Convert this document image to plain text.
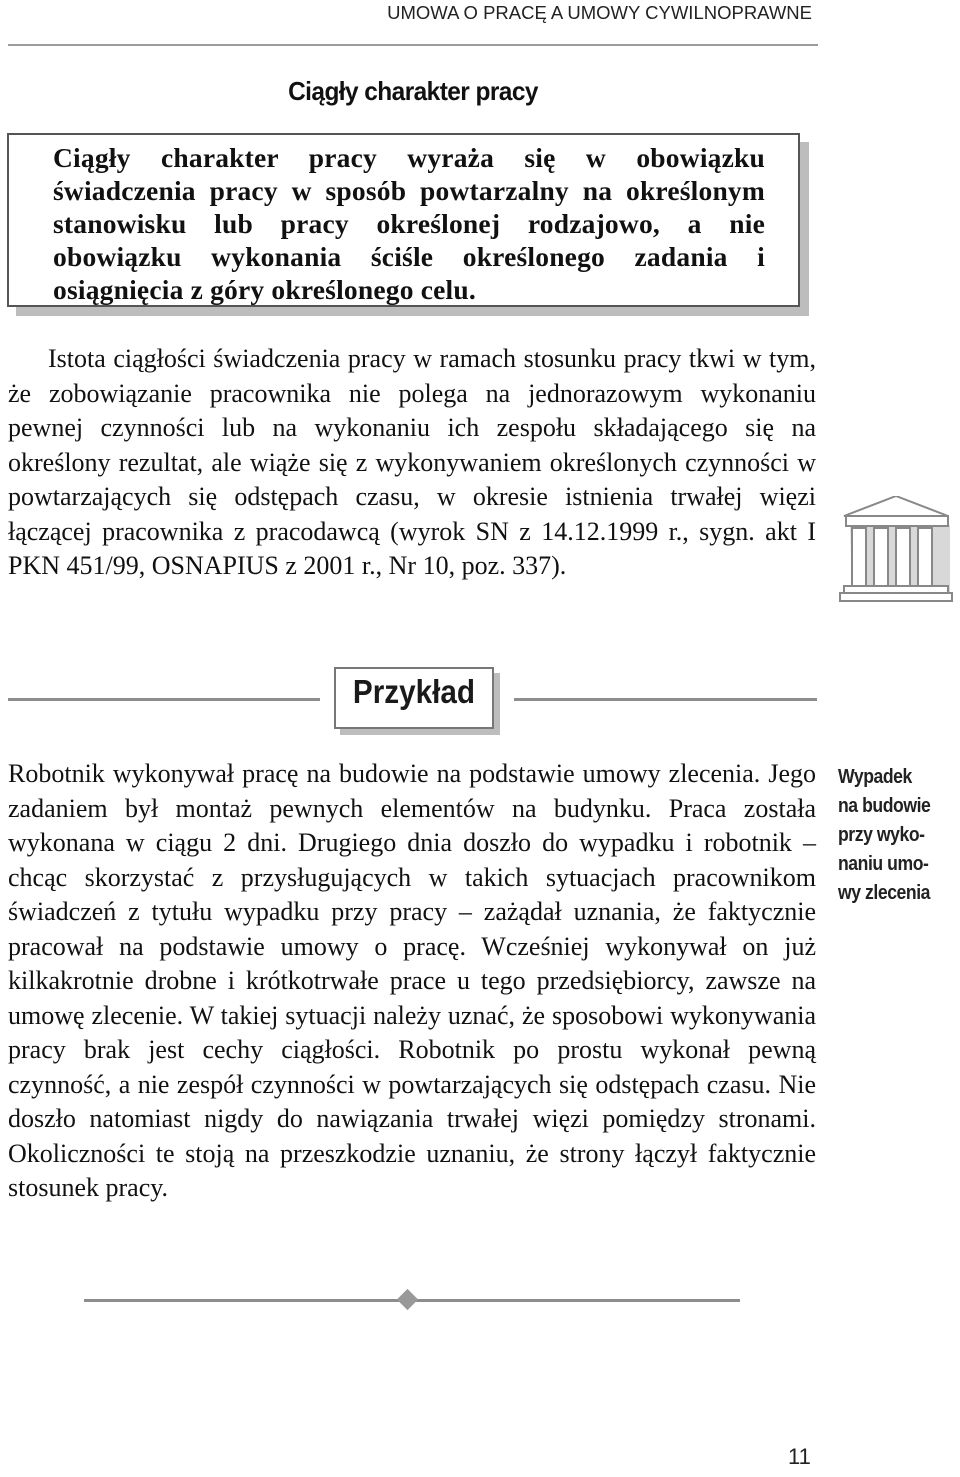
UMOWA O PRACĘ A UMOWY CYWILNOPRAWNE
Ciągły charakter pracy
Ciągły charakter pracy wyraża się w obowiązku świadczenia pracy w sposób powtarzalny na określonym stanowisku lub pracy określonej rodzajowo, a nie obowiązku wykonania ściśle określonego zadania i osiągnięcia z góry określonego celu.

Istota ciągłości świadczenia pracy w ramach stosunku pracy tkwi w tym, że zobowiązanie pracownika nie polega na jednorazowym wykonaniu pewnej czynności lub na wykonaniu ich zespołu składającego się na określony rezultat, ale wiąże się z wykonywaniem określonych czynności w powtarzających się odstępach czasu, w okresie istnienia trwałej więzi łączącej pracownika z pracodawcą (wyrok SN z 14.12.1999 r., sygn. akt I PKN 451/99, OSNAPIUS z 2001 r., Nr 10, poz. 337).

Przykład

Robotnik wykonywał pracę na budowie na podstawie umowy zlecenia. Jego zadaniem był montaż pewnych elementów na budynku. Praca została wykonana w ciągu 2 dni. Drugiego dnia doszło do wypadku i robotnik – chcąc skorzystać z przysługujących w takich sytuacjach pracownikom świadczeń z tytułu wypadku przy pracy – zażądał uznania, że faktycznie pracował na podstawie umowy o pracę. Wcześniej wykonywał on już kilkakrotnie drobne i krótkotrwałe prace u tego przedsiębiorcy, zawsze na umowę zlecenie. W takiej sytuacji należy uznać, że sposobowi wykonywania pracy brak jest cechy ciągłości. Robotnik po prostu wykonał pewną czynność, a nie zespół czynności w powtarzających się odstępach czasu. Nie doszło natomiast nigdy do nawiązania trwałej więzi pomiędzy stronami. Okoliczności te stoją na przeszkodzie uznaniu, że strony łączył faktycznie stosunek pracy.

Wypadek
na budowie
przy wyko-
naniu umo-
wy zlecenia
11
